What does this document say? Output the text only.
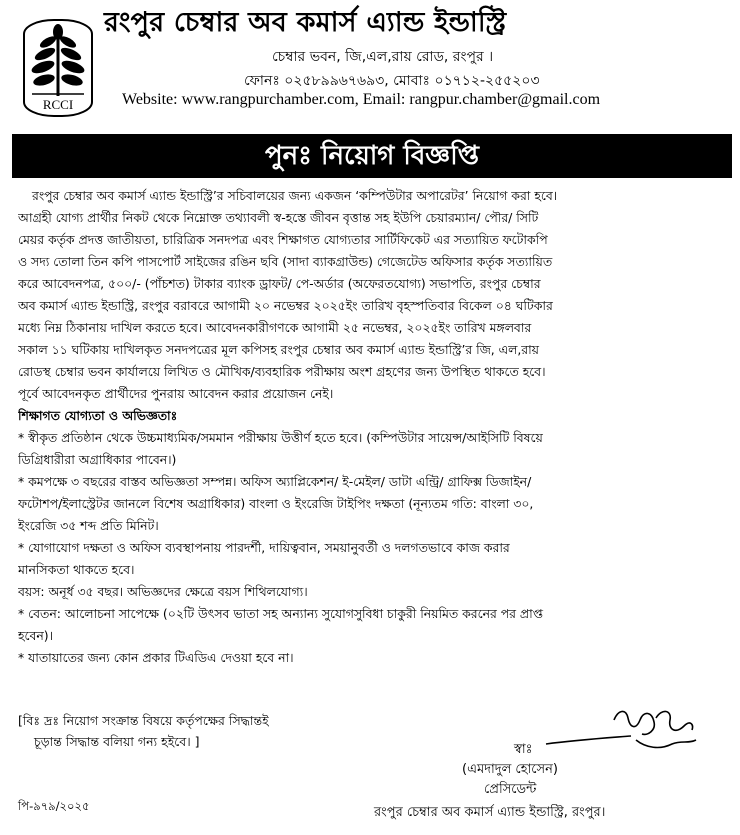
RCCI
রংপুর চেম্বার অব কমার্স এ্যান্ড ইন্ডাস্ট্রি
চেম্বার ভবন, জি,এল,রায় রোড, রংপুর ।
ফোনঃ ০২৫৮৯৯৬৭৬৯৩, মোবাঃ ০১৭১২-২৫৫২০৩
Website: www.rangpurchamber.com, Email: rangpur.chamber@gmail.com
পুনঃ নিয়োগ বিজ্ঞপ্তি
রংপুর চেম্বার অব কমার্স এ্যান্ড ইন্ডাস্ট্রি’র সচিবালয়ের জন্য একজন ‘কম্পিউটার অপারেটর’ নিয়োগ করা হবে।
আগ্রহী যোগ্য প্রার্থীর নিকট থেকে নিম্নোক্ত তথ্যাবলী স্ব-হস্তে জীবন বৃত্তান্ত সহ ইউপি চেয়ারম্যান/ পৌর/ সিটি
মেয়র কর্তৃক প্রদত্ত জাতীয়তা, চারিত্রিক সনদপত্র এবং শিক্ষাগত যোগ্যতার সার্টিফিকেট এর সত্যায়িত ফটোকপি
ও সদ্য তোলা তিন কপি পাসপোর্ট সাইজের রঙিন ছবি (সাদা ব্যাকগ্রাউন্ড) গেজেটেড অফিসার কর্তৃক সত্যায়িত
করে আবেদনপত্র, ৫০০/- (পাঁচশত) টাকার ব্যাংক ড্রাফট/ পে-অর্ডার (অফেরতযোগ্য) সভাপতি, রংপুর চেম্বার
অব কমার্স এ্যান্ড ইন্ডাস্ট্রি, রংপুর বরাবরে আগামী ২০ নভেম্বর ২০২৫ইং তারিখ বৃহস্পতিবার বিকেল ০৪ ঘটিকার
মধ্যে নিম্ন ঠিকানায় দাখিল করতে হবে। আবেদনকারীগণকে আগামী ২৫ নভেম্বর, ২০২৫ইং তারিখ মঙ্গলবার
সকাল ১১ ঘটিকায় দাখিলকৃত সনদপত্রের মূল কপিসহ রংপুর চেম্বার অব কমার্স এ্যান্ড ইন্ডাস্ট্রি’র জি, এল,রায়
রোডস্থ চেম্বার ভবন কার্যালয়ে লিখিত ও মৌখিক/ব্যবহারিক পরীক্ষায় অংশ গ্রহণের জন্য উপস্থিত থাকতে হবে।
পূর্বে আবেদনকৃত প্রার্থীদের পুনরায় আবেদন করার প্রয়োজন নেই।
শিক্ষাগত যোগ্যতা ও অভিজ্ঞতাঃ
* স্বীকৃত প্রতিষ্ঠান থেকে উচ্চমাধ্যমিক/সমমান পরীক্ষায় উত্তীর্ণ হতে হবে। (কম্পিউটার সায়েন্স/আইসিটি বিষয়ে
ডিগ্রিধারীরা অগ্রাধিকার পাবেন।)
* কমপক্ষে ৩ বছরের বাস্তব অভিজ্ঞতা সম্পন্ন। অফিস অ্যাপ্লিকেশন/ ই-মেইল/ ডাটা এন্ট্রি/ গ্রাফিক্স ডিজাইন/
ফটোশপ/ইলাস্ট্রেটর জানলে বিশেষ অগ্রাধিকার) বাংলা ও ইংরেজি টাইপিং দক্ষতা (নূন্যতম গতি: বাংলা ৩০,
ইংরেজি ৩৫ শব্দ প্রতি মিনিট।
* যোগাযোগ দক্ষতা ও অফিস ব্যবস্থাপনায় পারদর্শী, দায়িত্ববান, সময়ানুবর্তী ও দলগতভাবে কাজ করার
মানসিকতা থাকতে হবে।
বয়স: অনূর্ধ ৩৫ বছর। অভিজ্ঞদের ক্ষেত্রে বয়স শিথিলযোগ্য।
* বেতন: আলোচনা সাপেক্ষে (০২টি উৎসব ভাতা সহ অন্যান্য সুযোগসুবিধা চাকুরী নিয়মিত করনের পর প্রাপ্ত
হবেন)।
* যাতায়াতের জন্য কোন প্রকার টিএডিএ দেওয়া হবে না।
[বিঃ দ্রঃ নিয়োগ সংক্রান্ত বিষয়ে কর্তৃপক্ষের সিদ্ধান্তই
চূড়ান্ত সিদ্ধান্ত বলিয়া গন্য হইবে। ]
স্বাঃ
(এমদাদুল হোসেন)
প্রেসিডেন্ট
রংপুর চেম্বার অব কমার্স এ্যান্ড ইন্ডাস্ট্রি, রংপুর।
পি-৯৭৯/২০২৫
